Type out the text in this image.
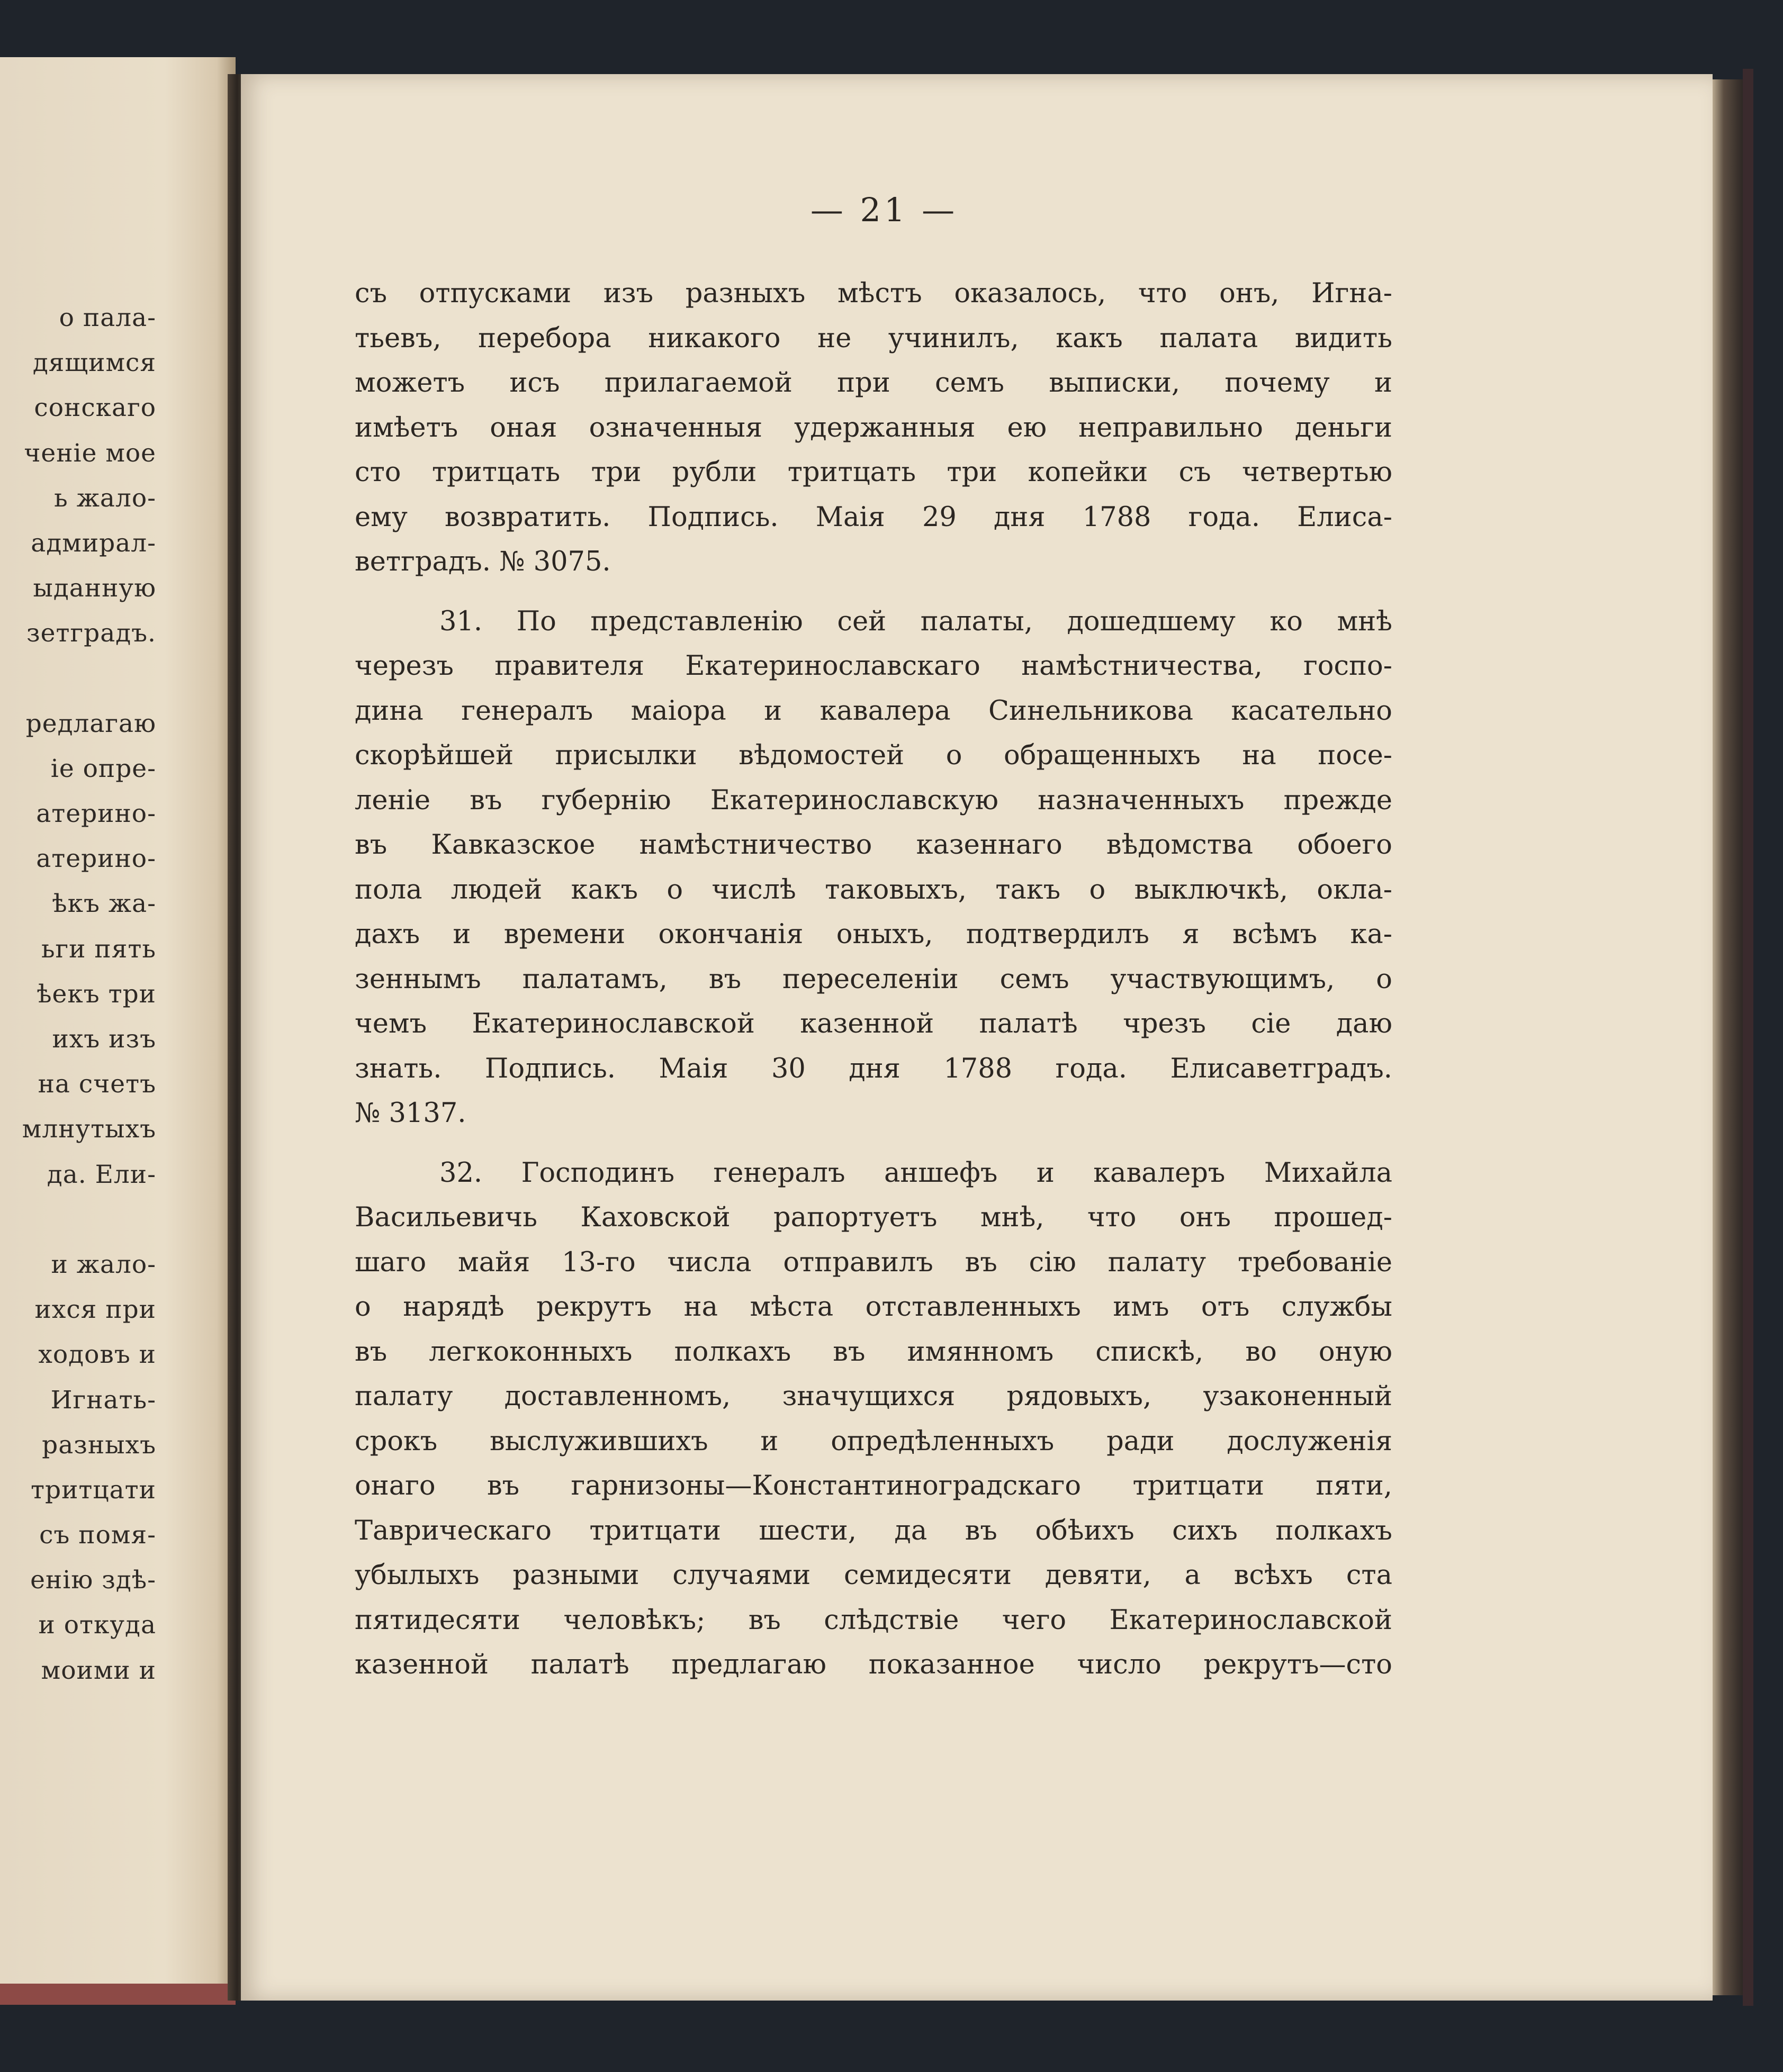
о пала-
дящимся
сонскаго
ченіе мое
ь жало-
адмирал-
ыданную
зетградъ.
редлагаю
іе опре-
атерино-
атерино-
ѣкъ жа-
ьги пять
ѣекъ три
ихъ изъ
на счетъ
млнутыхъ
да. Ели-
и жало-
ихся при
ходовъ и
Игнать-
разныхъ
тритцати
съ помя-
енію здѣ-
и откуда
моими и
— 21 —
съ отпусками изъ разныхъ мѣстъ оказалось, что онъ, Игна-
тьевъ, перебора никакого не учинилъ, какъ палата видить
можетъ исъ прилагаемой при семъ выписки, почему и
имѣетъ оная означенныя удержанныя ею неправильно деньги
сто тритцать три рубли тритцать три копейки съ четвертью
ему возвратить. Подпись. Маія 29 дня 1788 года. Елиса-
ветградъ. № 3075.
31. По представленію сей палаты, дошедшему ко мнѣ
черезъ правителя Екатеринославскаго намѣстничества, госпо-
дина генералъ маіора и кавалера Синельникова касательно
скорѣйшей присылки вѣдомостей о обращенныхъ на посе-
леніе въ губернію Екатеринославскую назначенныхъ прежде
въ Кавказское намѣстничество казеннаго вѣдомства обоего
пола людей какъ о числѣ таковыхъ, такъ о выключкѣ, окла-
дахъ и времени окончанія оныхъ, подтвердилъ я всѣмъ ка-
зеннымъ палатамъ, въ переселеніи семъ участвующимъ, о
чемъ Екатеринославской казенной палатѣ чрезъ сіе даю
знать. Подпись. Маія 30 дня 1788 года. Елисаветградъ.
№ 3137.
32. Господинъ генералъ аншефъ и кавалеръ Михайла
Васильевичь Каховской рапортуетъ мнѣ, что онъ прошед-
шаго майя 13-го числа отправилъ въ сію палату требованіе
о нарядѣ рекрутъ на мѣста отставленныхъ имъ отъ службы
въ легкоконныхъ полкахъ въ имянномъ спискѣ, во оную
палату доставленномъ, значущихся рядовыхъ, узаконенный
срокъ выслужившихъ и опредѣленныхъ ради дослуженія
онаго въ гарнизоны—Константиноградскаго тритцати пяти,
Таврическаго тритцати шести, да въ обѣихъ сихъ полкахъ
убылыхъ разными случаями семидесяти девяти, а всѣхъ ста
пятидесяти человѣкъ; въ слѣдствіе чего Екатеринославской
казенной палатѣ предлагаю показанное число рекрутъ—сто
